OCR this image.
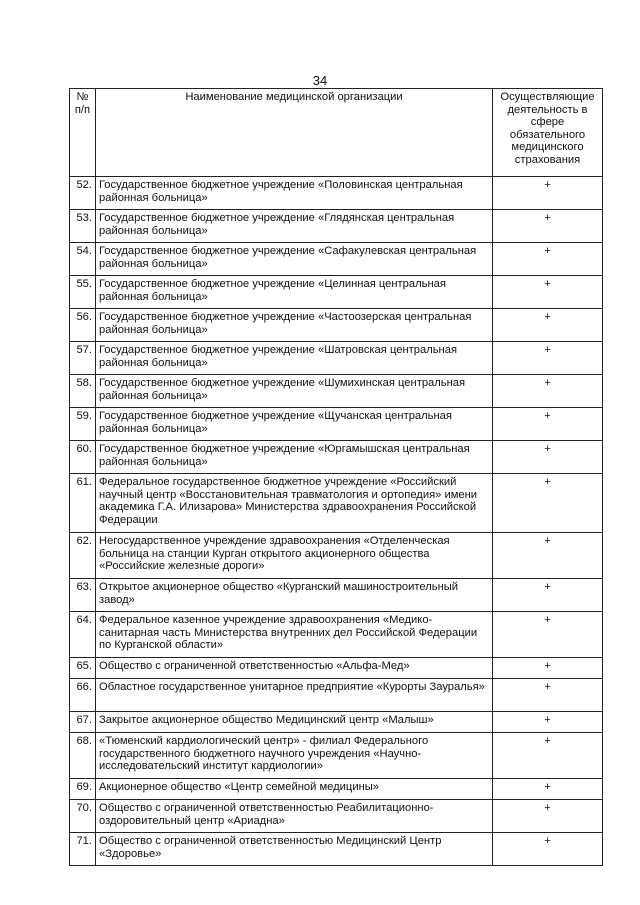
34
№ п/п	Наименование медицинской организации	Осуществляющие деятельность в сфере обязательного медицинского страхования
52.	Государственное бюджетное учреждение «Половинская центральная районная больница»	+
53.	Государственное бюджетное учреждение «Глядянская центральная районная больница»	+
54.	Государственное бюджетное учреждение «Сафакулевская центральная районная больница»	+
55.	Государственное бюджетное учреждение «Целинная центральная районная больница»	+
56.	Государственное бюджетное учреждение «Частоозерская центральная районная больница»	+
57.	Государственное бюджетное учреждение «Шатровская центральная районная больница»	+
58.	Государственное бюджетное учреждение «Шумихинская центральная районная больница»	+
59.	Государственное бюджетное учреждение «Щучанская центральная районная больница»	+
60.	Государственное бюджетное учреждение «Юргамышская центральная районная больница»	+
61.	Федеральное государственное бюджетное учреждение «Российский научный центр «Восстановительная травматология и ортопедия» имени академика Г.А. Илизарова» Министерства здравоохранения Российской Федерации	+
62.	Негосударственное учреждение здравоохранения «Отделенческая больница на станции Курган открытого акционерного общества «Российские железные дороги»	+
63.	Открытое акционерное общество «Курганский машиностроительный завод»	+
64.	Федеральное казенное учреждение здравоохранения «Медико-санитарная часть Министерства внутренних дел Российской Федерации по Курганской области»	+
65.	Общество с ограниченной ответственностью «Альфа-Мед»	+
66.	Областное государственное унитарное предприятие «Курорты Зауралья»	+
67.	Закрытое акционерное общество Медицинский центр «Малыш»	+
68.	«Тюменский кардиологический центр» - филиал Федерального государственного бюджетного научного учреждения «Научно-исследовательский институт кардиологии»	+
69.	Акционерное общество «Центр семейной медицины»	+
70.	Общество с ограниченной ответственностью Реабилитационно-оздоровительный центр «Ариадна»	+
71.	Общество с ограниченной ответственностью Медицинский Центр «Здоровье»	+
